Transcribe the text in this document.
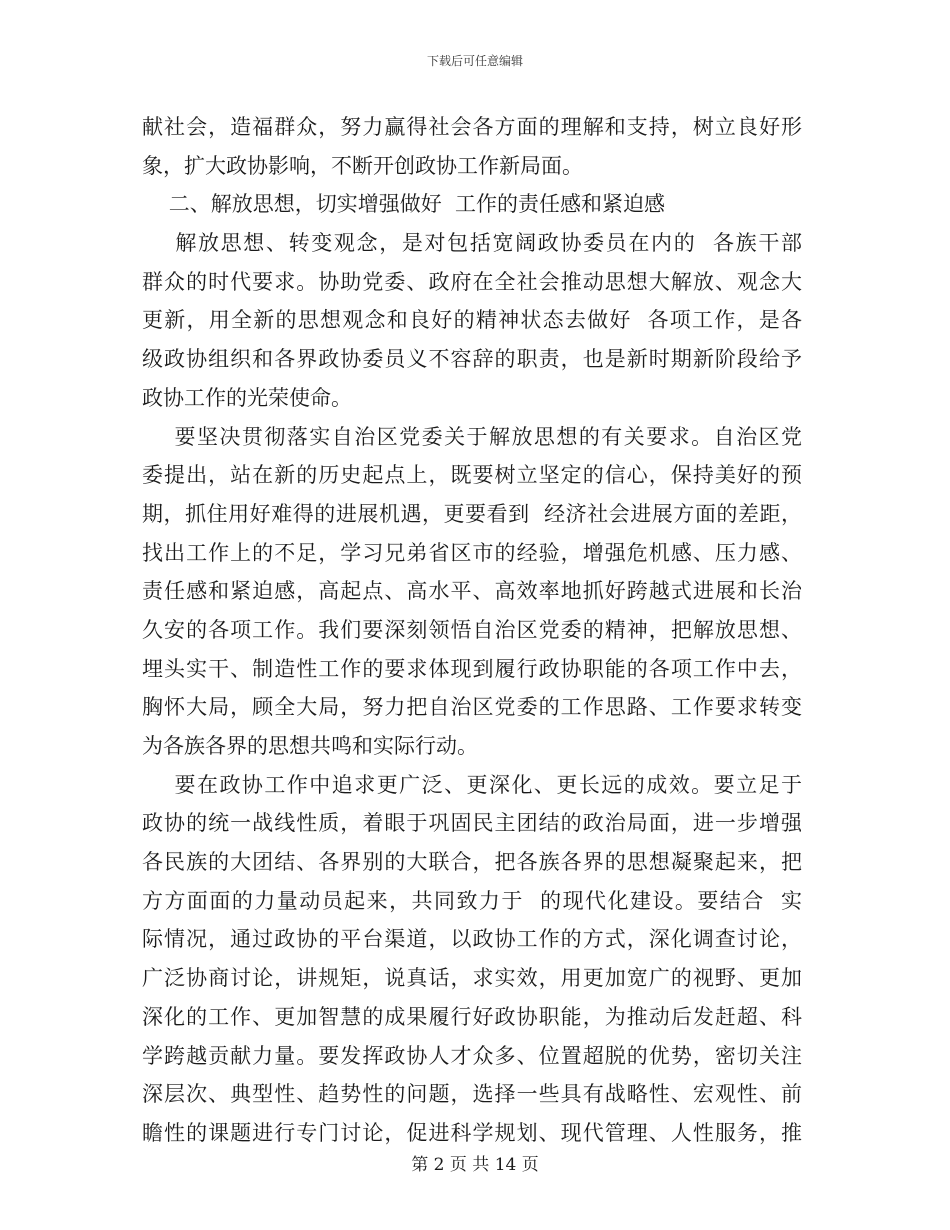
下载后可任意编辑
献社会，造福群众，努力赢得社会各方面的理解和支持，树立良好形
象，扩大政协影响，不断开创政协工作新局面。
二、解放思想，切实增强做好  工作的责任感和紧迫感
解放思想、转变观念，是对包括宽阔政协委员在内的  各族干部
群众的时代要求。协助党委、政府在全社会推动思想大解放、观念大
更新，用全新的思想观念和良好的精神状态去做好  各项工作，是各
级政协组织和各界政协委员义不容辞的职责，也是新时期新阶段给予
政协工作的光荣使命。
要坚决贯彻落实自治区党委关于解放思想的有关要求。自治区党
委提出，站在新的历史起点上，既要树立坚定的信心，保持美好的预
期，抓住用好难得的进展机遇，更要看到  经济社会进展方面的差距，
找出工作上的不足，学习兄弟省区市的经验，增强危机感、压力感、
责任感和紧迫感，高起点、高水平、高效率地抓好跨越式进展和长治
久安的各项工作。我们要深刻领悟自治区党委的精神，把解放思想、
埋头实干、制造性工作的要求体现到履行政协职能的各项工作中去，
胸怀大局，顾全大局，努力把自治区党委的工作思路、工作要求转变
为各族各界的思想共鸣和实际行动。
要在政协工作中追求更广泛、更深化、更长远的成效。要立足于
政协的统一战线性质，着眼于巩固民主团结的政治局面，进一步增强
各民族的大团结、各界别的大联合，把各族各界的思想凝聚起来，把
方方面面的力量动员起来，共同致力于  的现代化建设。要结合  实
际情况，通过政协的平台渠道，以政协工作的方式，深化调查讨论，
广泛协商讨论，讲规矩，说真话，求实效，用更加宽广的视野、更加
深化的工作、更加智慧的成果履行好政协职能，为推动后发赶超、科
学跨越贡献力量。要发挥政协人才众多、位置超脱的优势，密切关注
深层次、典型性、趋势性的问题，选择一些具有战略性、宏观性、前
瞻性的课题进行专门讨论，促进科学规划、现代管理、人性服务，推
第 2 页 共 14 页
